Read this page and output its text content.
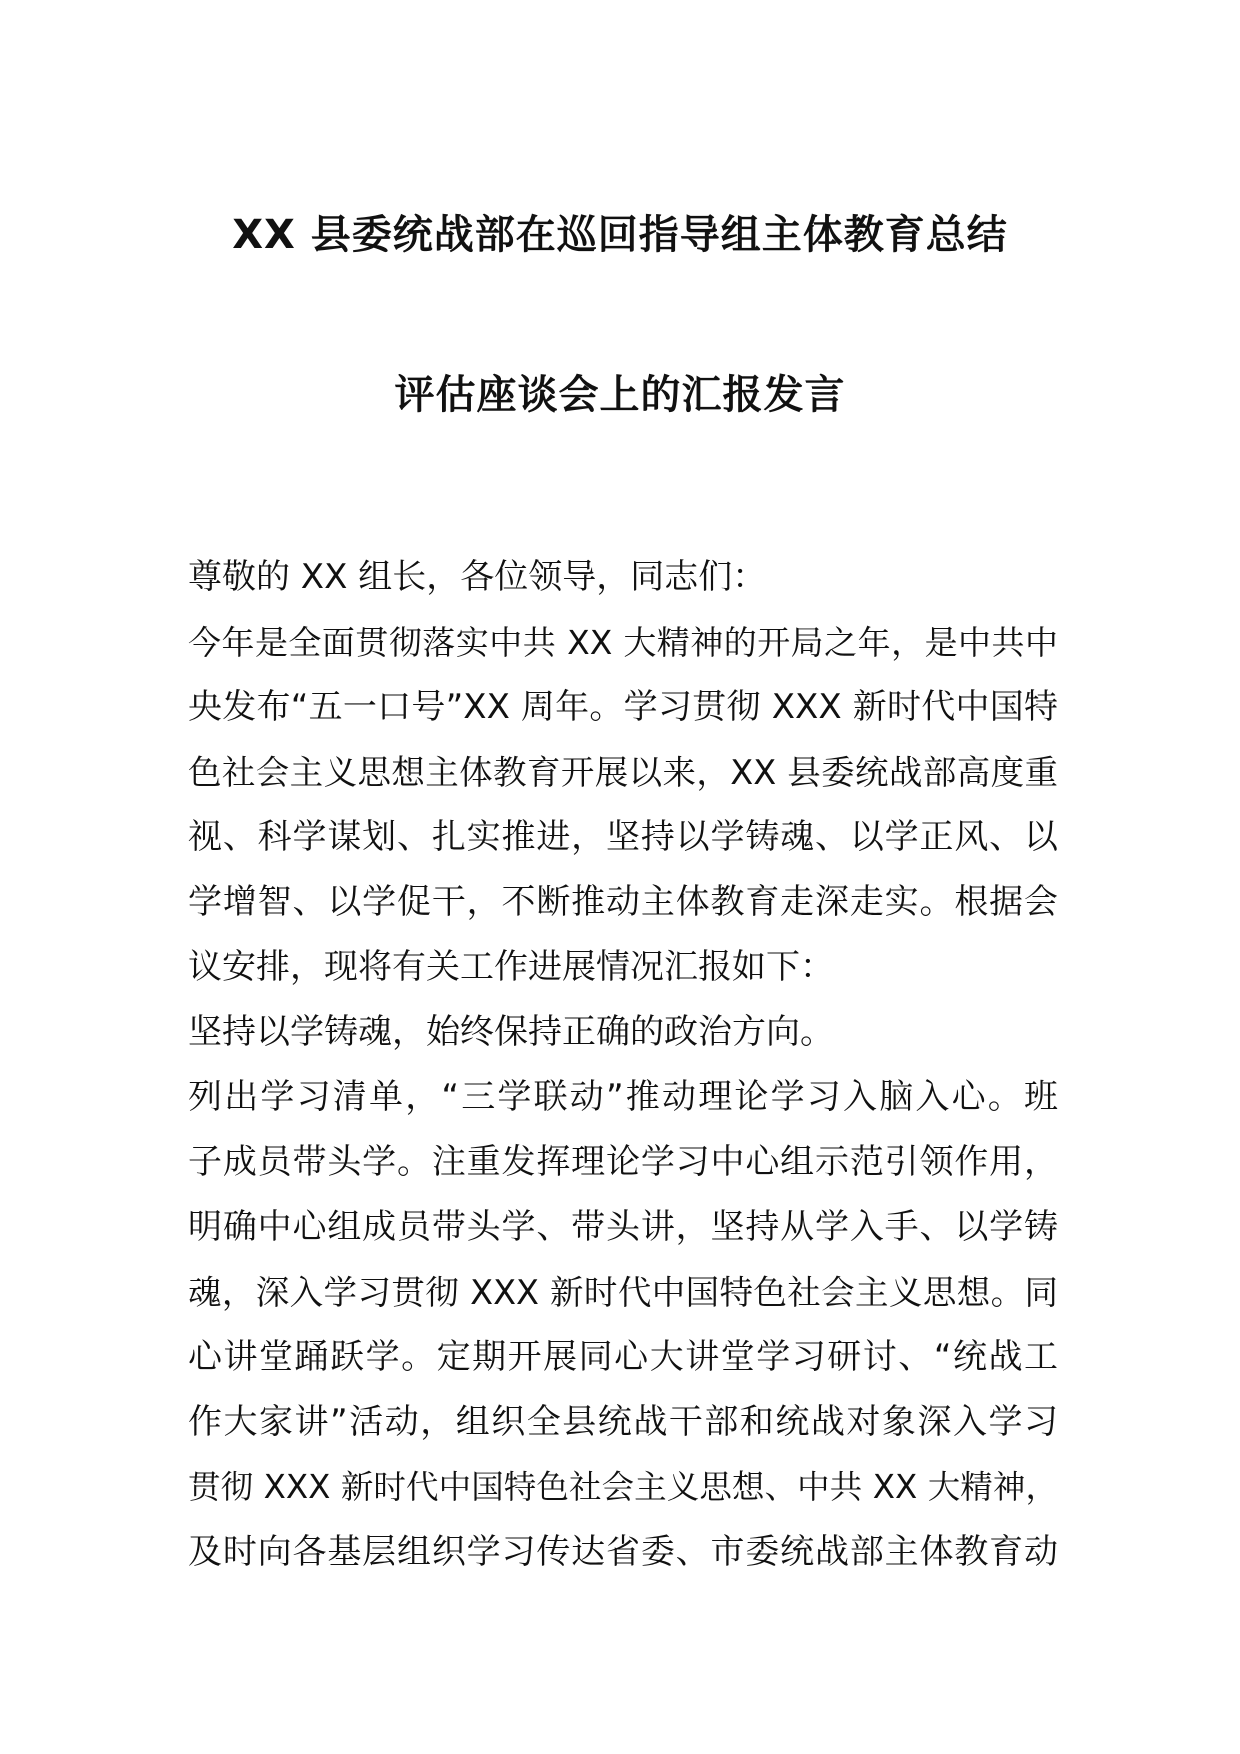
XX 县委统战部在巡回指导组主体教育总结
评估座谈会上的汇报发言
尊敬的 XX 组长，各位领导，同志们：
今年是全面贯彻落实中共 XX 大精神的开局之年，是中共中
央发布“五一口号”XX 周年。学习贯彻 XXX 新时代中国特
色社会主义思想主体教育开展以来，XX 县委统战部高度重
视、科学谋划、扎实推进，坚持以学铸魂、以学正风、以
学增智、以学促干，不断推动主体教育走深走实。根据会
议安排，现将有关工作进展情况汇报如下：
坚持以学铸魂，始终保持正确的政治方向。
列出学习清单，“三学联动”推动理论学习入脑入心。班
子成员带头学。注重发挥理论学习中心组示范引领作用，
明确中心组成员带头学、带头讲，坚持从学入手、以学铸
魂，深入学习贯彻 XXX 新时代中国特色社会主义思想。同
心讲堂踊跃学。定期开展同心大讲堂学习研讨、“统战工
作大家讲”活动，组织全县统战干部和统战对象深入学习
贯彻 XXX 新时代中国特色社会主义思想、中共 XX 大精神，
及时向各基层组织学习传达省委、市委统战部主体教育动
